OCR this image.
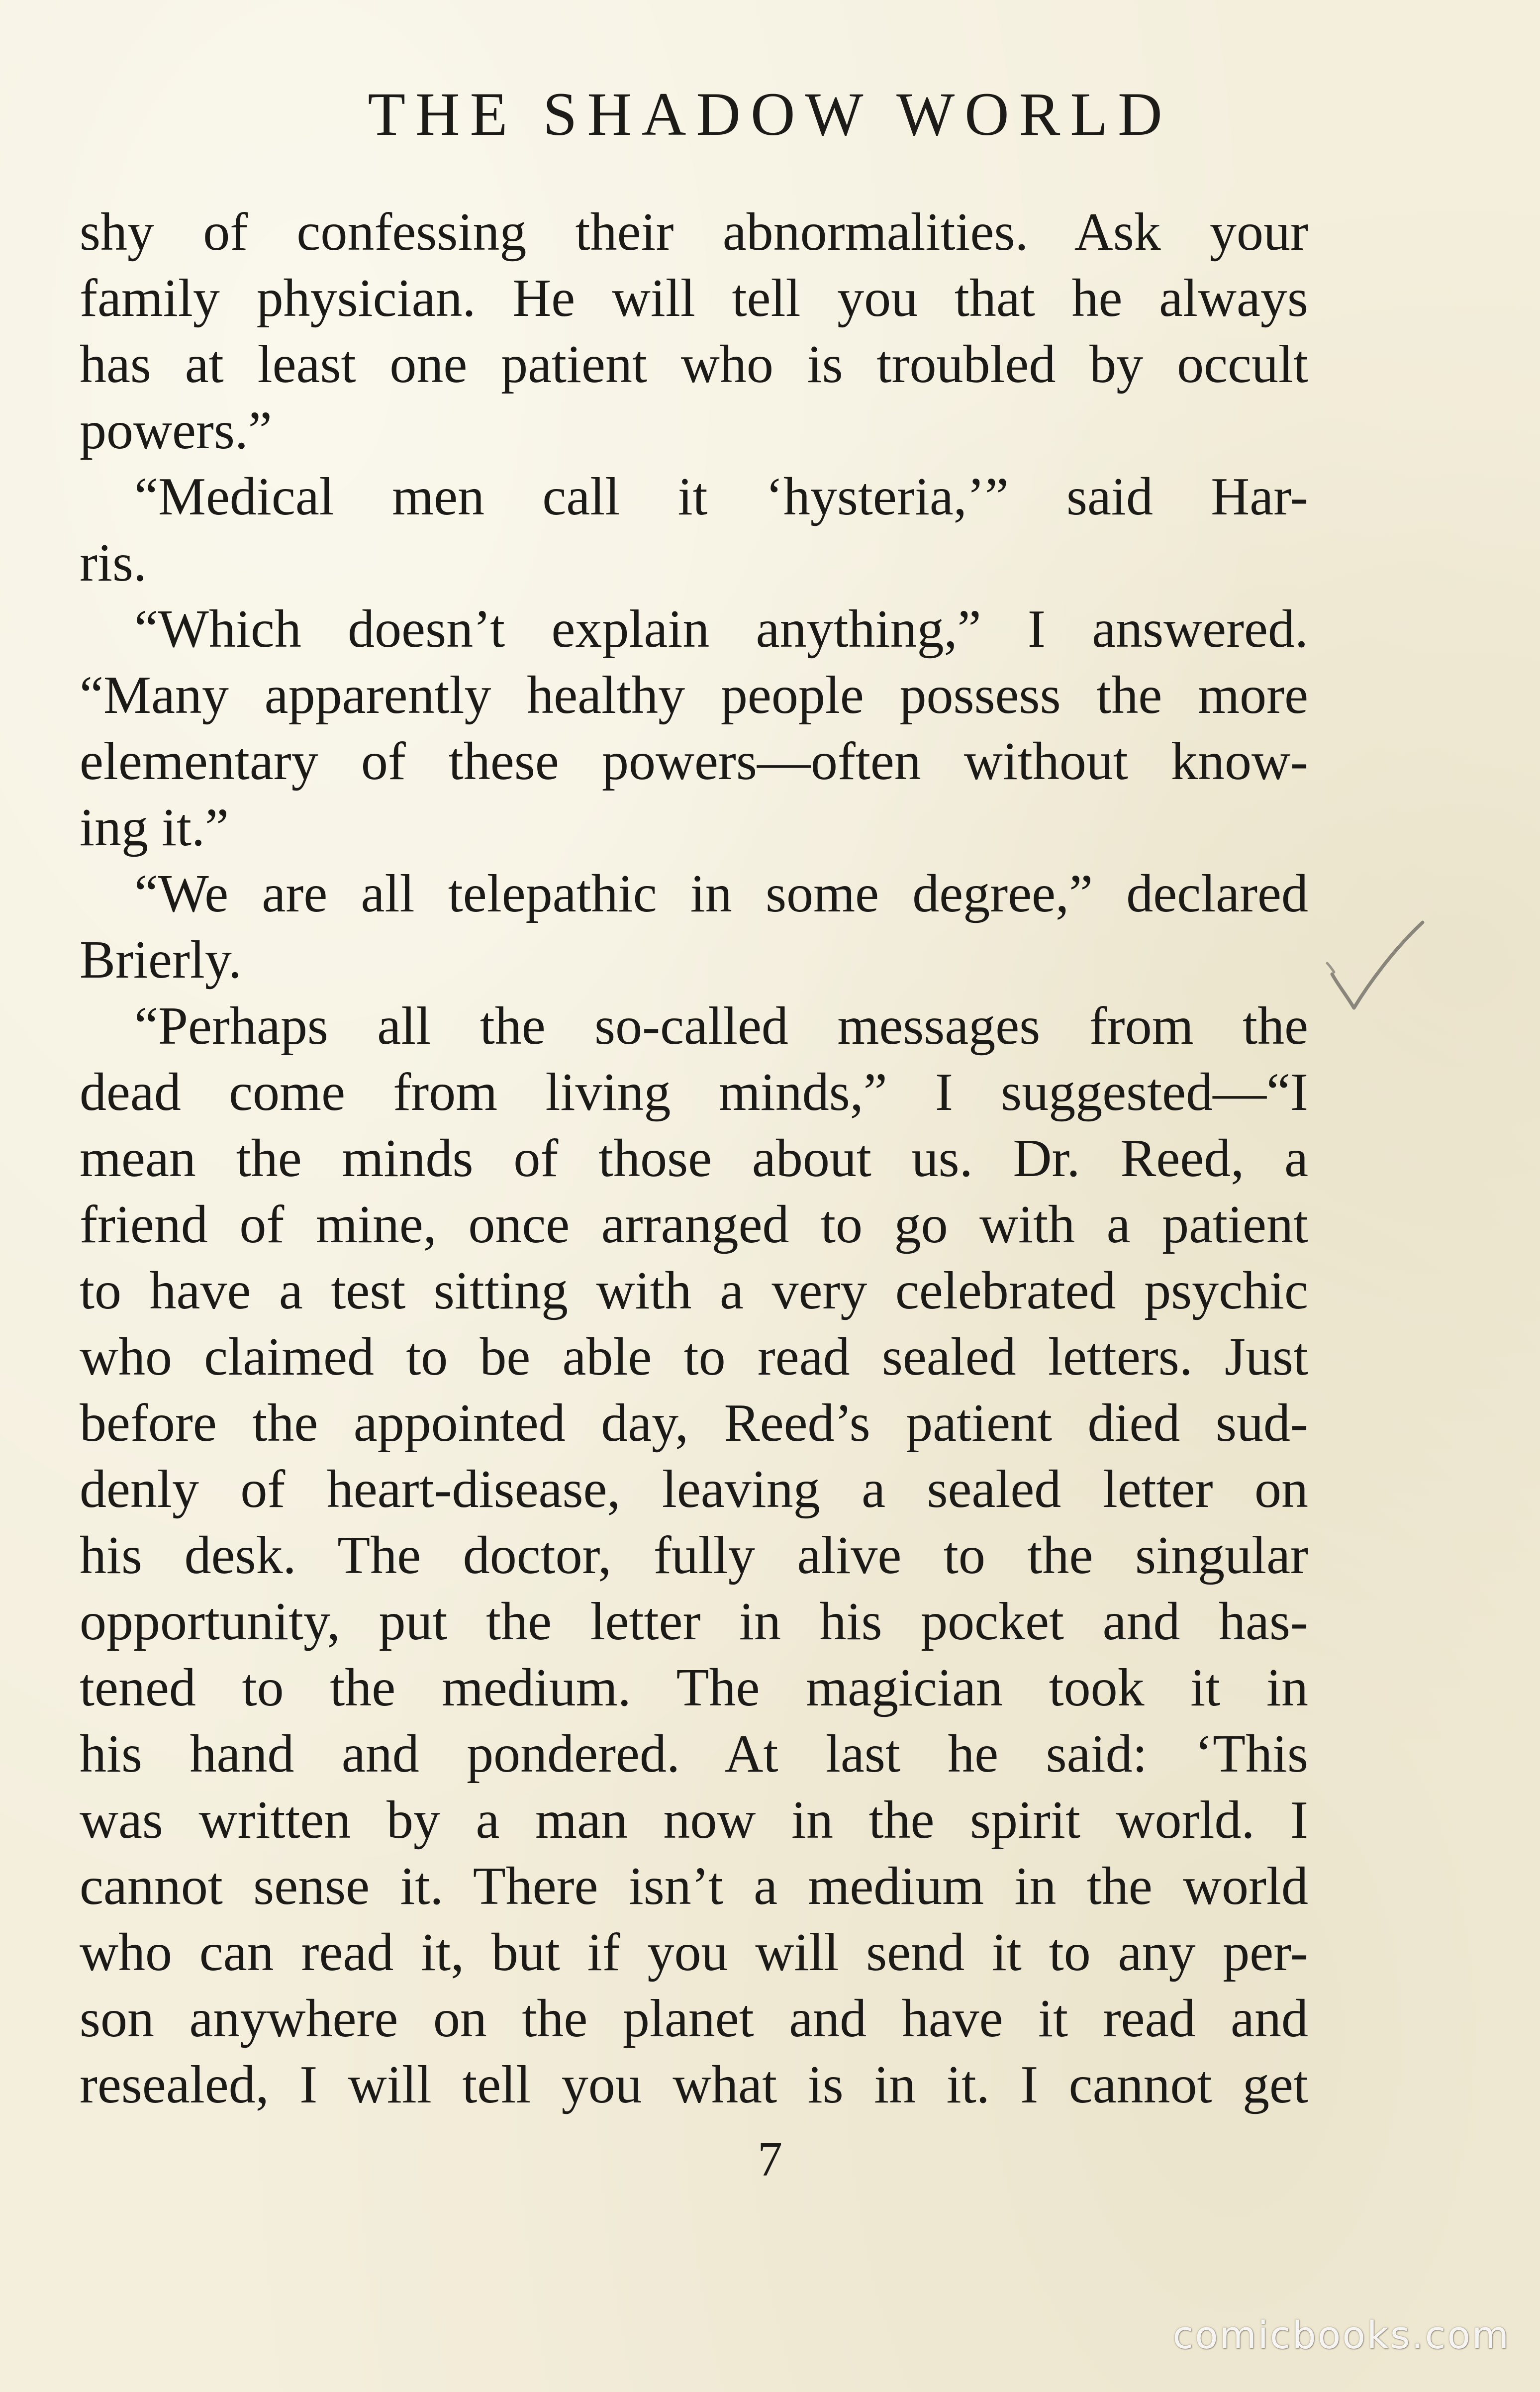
THE SHADOW WORLD
shy of confessing their abnormalities. Ask your
family physician. He will tell you that he always
has at least one patient who is troubled by occult
powers.”
“Medical men call it ‘hysteria,’” said Har-
ris.
“Which doesn’t explain anything,” I answered.
“Many apparently healthy people possess the more
elementary of these powers—often without know-
ing it.”
“We are all telepathic in some degree,” declared
Brierly.
“Perhaps all the so-called messages from the
dead come from living minds,” I suggested—“I
mean the minds of those about us. Dr. Reed, a
friend of mine, once arranged to go with a patient
to have a test sitting with a very celebrated psychic
who claimed to be able to read sealed letters. Just
before the appointed day, Reed’s patient died sud-
denly of heart-disease, leaving a sealed letter on
his desk. The doctor, fully alive to the singular
opportunity, put the letter in his pocket and has-
tened to the medium. The magician took it in
his hand and pondered. At last he said: ‘This
was written by a man now in the spirit world. I
cannot sense it. There isn’t a medium in the world
who can read it, but if you will send it to any per-
son anywhere on the planet and have it read and
resealed, I will tell you what is in it. I cannot get
7
comicbooks.com
